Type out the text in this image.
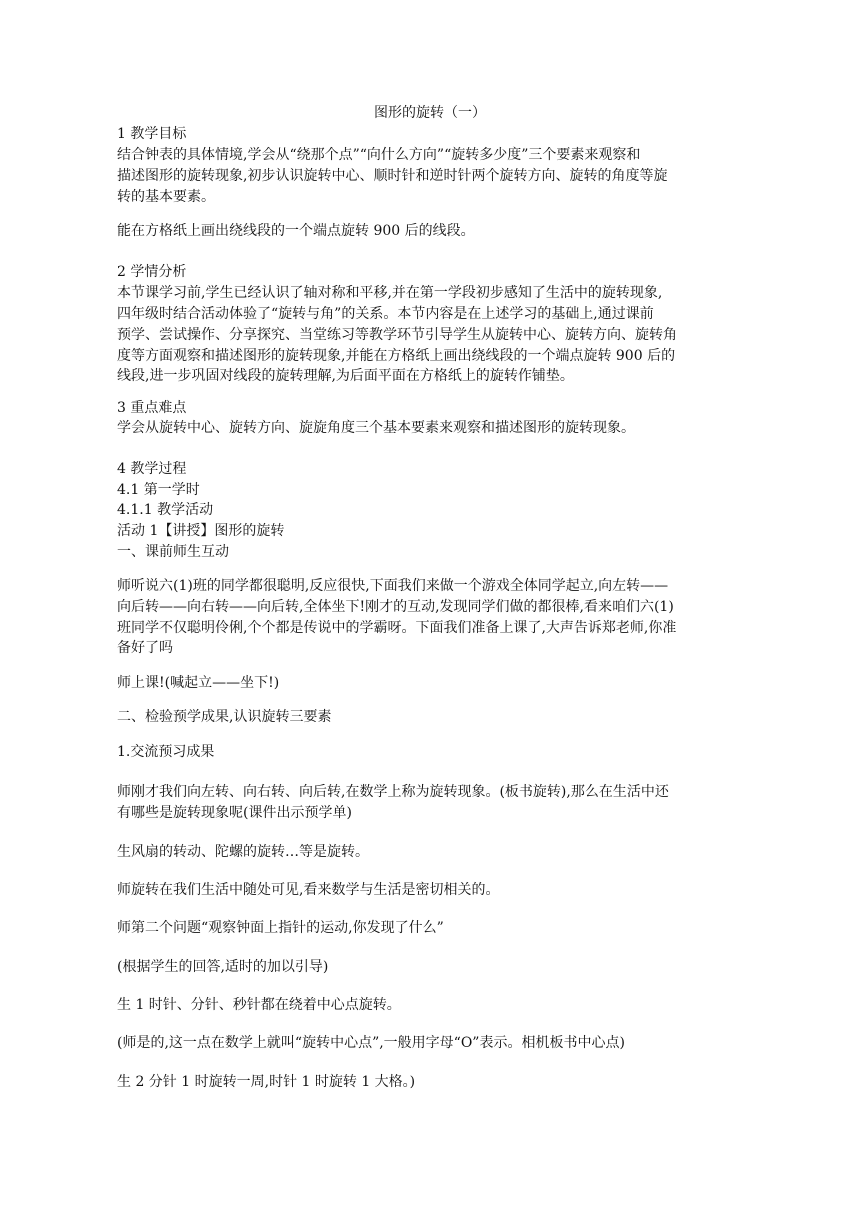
图形的旋转（一）
1 教学目标
结合钟表的具体情境,学会从“绕那个点”“向什么方向”“旋转多少度”三个要素来观察和
描述图形的旋转现象,初步认识旋转中心、顺时针和逆时针两个旋转方向、旋转的角度等旋
转的基本要素。
能在方格纸上画出绕线段的一个端点旋转 900 后的线段。
2 学情分析
本节课学习前,学生已经认识了轴对称和平移,并在第一学段初步感知了生活中的旋转现象,
四年级时结合活动体验了“旋转与角”的关系。本节内容是在上述学习的基础上,通过课前
预学、尝试操作、分享探究、当堂练习等教学环节引导学生从旋转中心、旋转方向、旋转角
度等方面观察和描述图形的旋转现象,并能在方格纸上画出绕线段的一个端点旋转 900 后的
线段,进一步巩固对线段的旋转理解,为后面平面在方格纸上的旋转作铺垫。
3 重点难点
学会从旋转中心、旋转方向、旋旋角度三个基本要素来观察和描述图形的旋转现象。
4 教学过程
4.1 第一学时
4.1.1 教学活动
活动 1【讲授】图形的旋转
一、课前师生互动
师听说六(1)班的同学都很聪明,反应很快,下面我们来做一个游戏全体同学起立,向左转——
向后转——向右转——向后转,全体坐下!刚才的互动,发现同学们做的都很棒,看来咱们六(1)
班同学不仅聪明伶俐,个个都是传说中的学霸呀。下面我们准备上课了,大声告诉郑老师,你准
备好了吗
师上课!(喊起立——坐下!)
二、检验预学成果,认识旋转三要素
1.交流预习成果
师刚才我们向左转、向右转、向后转,在数学上称为旋转现象。(板书旋转),那么在生活中还
有哪些是旋转现象呢(课件出示预学单)
生风扇的转动、陀螺的旋转…等是旋转。
师旋转在我们生活中随处可见,看来数学与生活是密切相关的。
师第二个问题“观察钟面上指针的运动,你发现了什么”
(根据学生的回答,适时的加以引导)
生 1 时针、分针、秒针都在绕着中心点旋转。
(师是的,这一点在数学上就叫“旋转中心点”,一般用字母“O”表示。相机板书中心点)
生 2 分针 1 时旋转一周,时针 1 时旋转 1 大格。)
